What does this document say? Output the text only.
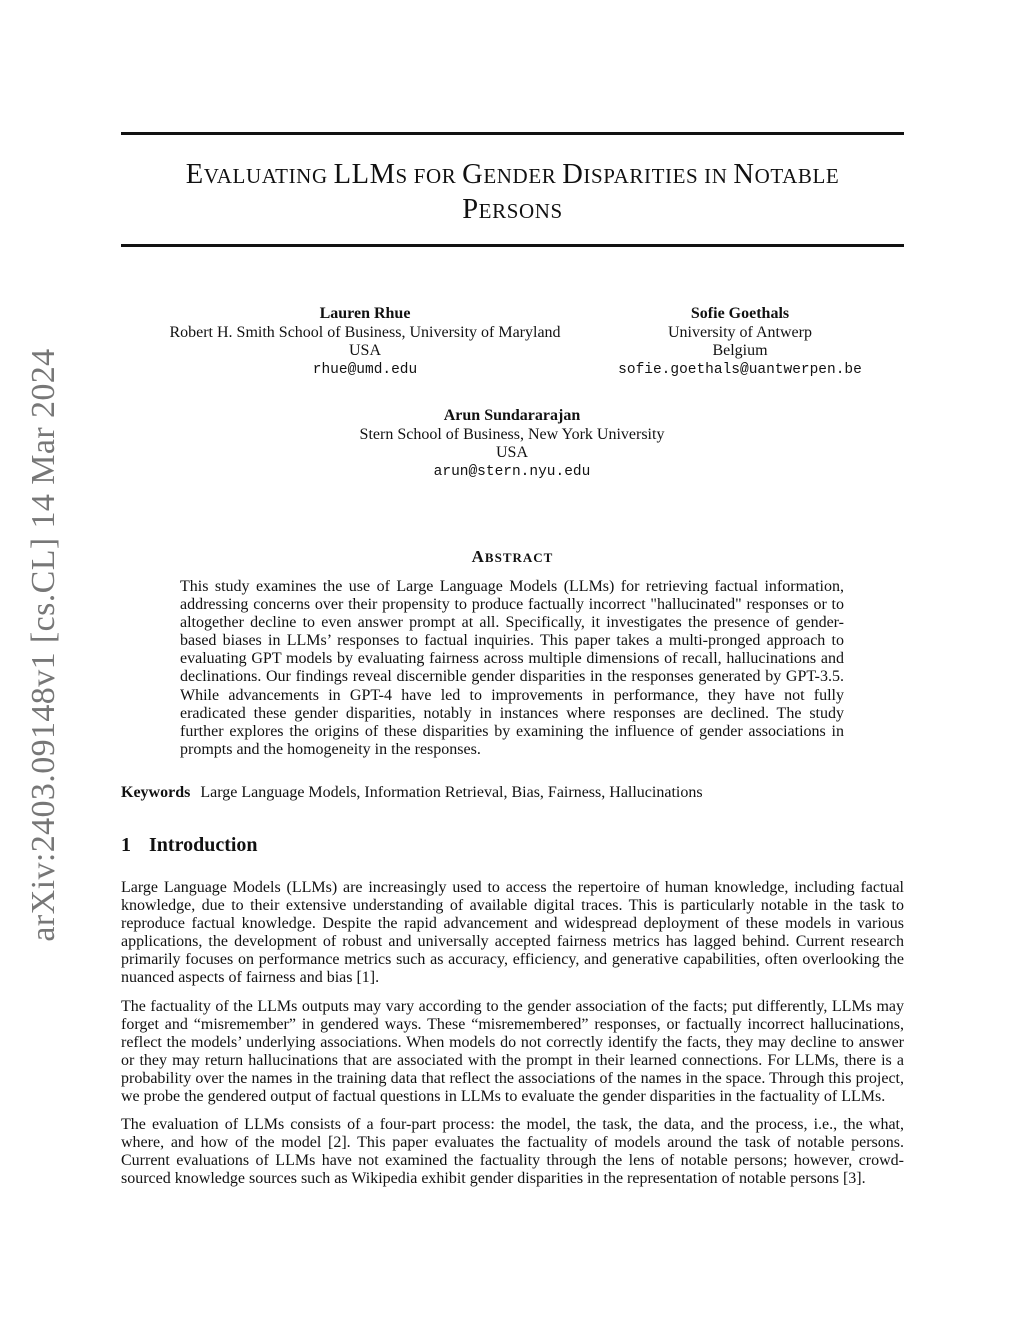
arXiv:2403.09148v1 [cs.CL] 14 Mar 2024
EVALUATING LLMS FOR GENDER DISPARITIES IN NOTABLE
PERSONS
Lauren Rhue
Robert H. Smith School of Business, University of Maryland
USA
rhue@umd.edu
Sofie Goethals
University of Antwerp
Belgium
sofie.goethals@uantwerpen.be
Arun Sundararajan
Stern School of Business, New York University
USA
arun@stern.nyu.edu
ABSTRACT
This study examines the use of Large Language Models (LLMs) for retrieving factual information, addressing concerns over their propensity to produce factually incorrect "hallucinated" responses or to altogether decline to even answer prompt at all. Specifically, it investigates the presence of gender-based biases in LLMs’ responses to factual inquiries. This paper takes a multi-pronged approach to evaluating GPT models by evaluating fairness across multiple dimensions of recall, hallucinations and declinations. Our findings reveal discernible gender disparities in the responses generated by GPT-3.5. While advancements in GPT-4 have led to improvements in performance, they have not fully eradicated these gender disparities, notably in instances where responses are declined. The study further explores the origins of these disparities by examining the influence of gender associations in prompts and the homogeneity in the responses.
Keywords Large Language Models, Information Retrieval, Bias, Fairness, Hallucinations
1 Introduction

Large Language Models (LLMs) are increasingly used to access the repertoire of human knowledge, including factual knowledge, due to their extensive understanding of available digital traces. This is particularly notable in the task to reproduce factual knowledge. Despite the rapid advancement and widespread deployment of these models in various applications, the development of robust and universally accepted fairness metrics has lagged behind. Current research primarily focuses on performance metrics such as accuracy, efficiency, and generative capabilities, often overlooking the nuanced aspects of fairness and bias [1].

The factuality of the LLMs outputs may vary according to the gender association of the facts; put differently, LLMs may forget and “misremember” in gendered ways. These “misremembered” responses, or factually incorrect hallucinations, reflect the models’ underlying associations. When models do not correctly identify the facts, they may decline to answer or they may return hallucinations that are associated with the prompt in their learned connections. For LLMs, there is a probability over the names in the training data that reflect the associations of the names in the space. Through this project, we probe the gendered output of factual questions in LLMs to evaluate the gender disparities in the factuality of LLMs.

The evaluation of LLMs consists of a four-part process: the model, the task, the data, and the process, i.e., the what, where, and how of the model [2]. This paper evaluates the factuality of models around the task of notable persons. Current evaluations of LLMs have not examined the factuality through the lens of notable persons; however, crowd-sourced knowledge sources such as Wikipedia exhibit gender disparities in the representation of notable persons [3].
